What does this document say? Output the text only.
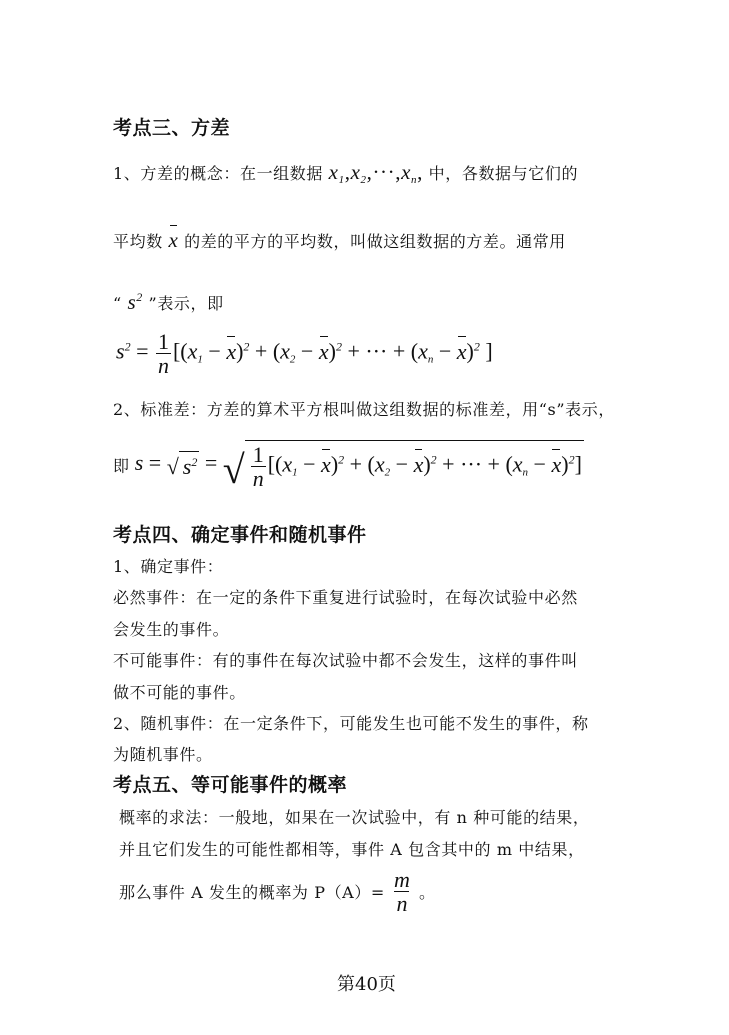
考点三、方差
1、方差的概念：在一组数据 $x_1,x_2,\cdot\cdot\cdot,x_n$, 中，各数据与它们的
平均数 x 的差的平方的平均数，叫做这组数据的方差。通常用
“ $s^2$ ”表示，即
$s^2 = \frac{1}{n} [(x_1 - x)^2 + (x_2 - x)^2$ + ··· + $(x_n - x)^2$ ]
2、标准差：方差的算术平方根叫做这组数据的标准差，用“s”表示，
即 s = √ $s^2$ = √ $\frac{1}{n} [(x_1 - x)^2 + (x_2 - x)^2$ + ··· + $(x_n - x)^2$]
考点四、确定事件和随机事件
1、确定事件：
必然事件：在一定的条件下重复进行试验时，在每次试验中必然
会发生的事件。
不可能事件：有的事件在每次试验中都不会发生，这样的事件叫
做不可能的事件。
2、随机事件：在一定条件下，可能发生也可能不发生的事件，称
为随机事件。
考点五、等可能事件的概率
概率的求法：一般地，如果在一次试验中，有 n 种可能的结果，
并且它们发生的可能性都相等，事件 A 包含其中的 m 中结果，
那么事件 A 发生的概率为 $P(A)= \frac{m}{n}$ 。
第40页
